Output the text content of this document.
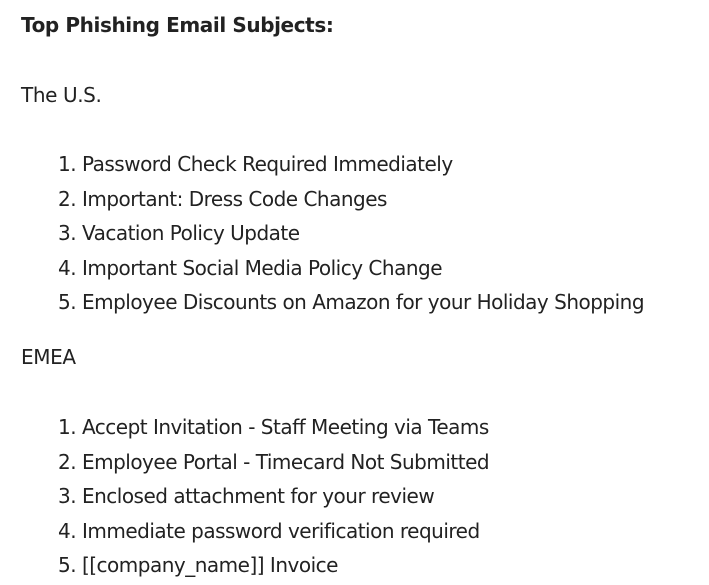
Top Phishing Email Subjects:

The U.S.

1 . Password Check Required Immediately
2 . Important: Dress Code Changes
3 . Vacation Policy Update
4 . Important Social Media Policy Change
5 . Employee Discounts on Amazon for your Holiday Shopping

EMEA

1 . Accept Invitation - Staff Meeting via Teams
2 . Employee Portal - Timecard Not Submitted
3 . Enclosed attachment for your review
4 . Immediate password verification required
5 . [[company_name]] Invoice
